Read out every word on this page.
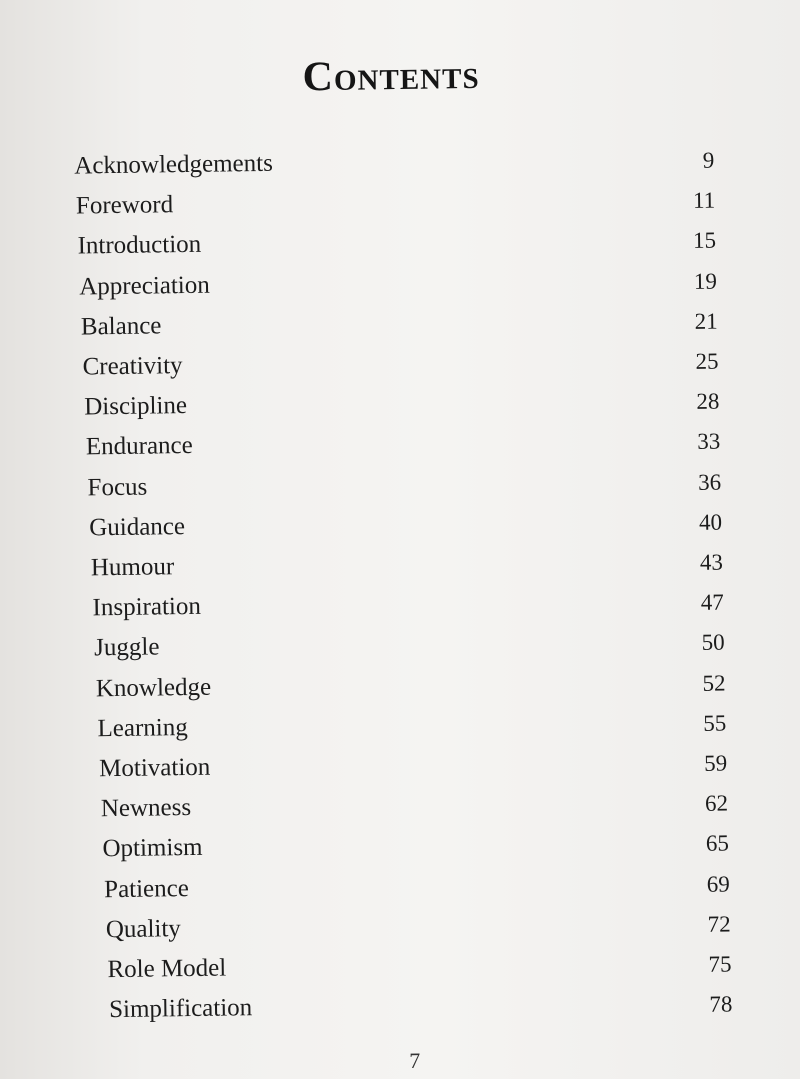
Contents
Acknowledgements	9
Foreword	11
Introduction	15
Appreciation	19
Balance	21
Creativity	25
Discipline	28
Endurance	33
Focus	36
Guidance	40
Humour	43
Inspiration	47
Juggle	50
Knowledge	52
Learning	55
Motivation	59
Newness	62
Optimism	65
Patience	69
Quality	72
Role Model	75
Simplification	78
7
